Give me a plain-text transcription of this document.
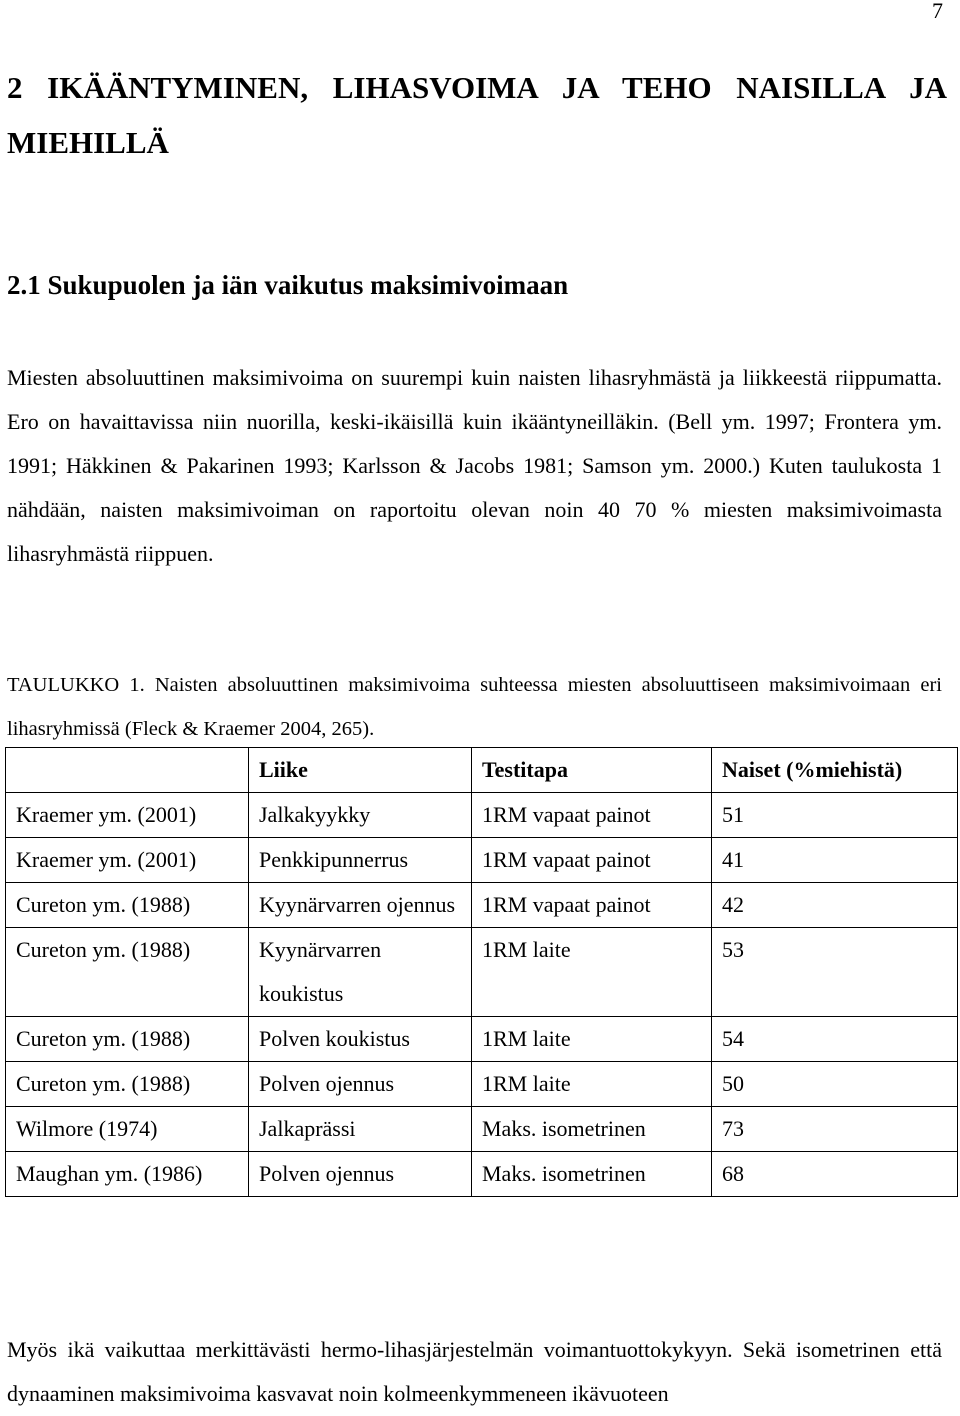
7
2 IKÄÄNTYMINEN, LIHASVOIMA JA TEHO NAISILLA JA MIEHILLÄ
2.1 Sukupuolen ja iän vaikutus maksimivoimaan

Miesten absoluuttinen maksimivoima on suurempi kuin naisten lihasryhmästä ja liikkeestä riippumatta. Ero on havaittavissa niin nuorilla, keski-ikäisillä kuin ikääntyneilläkin. (Bell ym. 1997; Frontera ym. 1991; Häkkinen & Pakarinen 1993; Karlsson & Jacobs 1981; Samson ym. 2000.) Kuten taulukosta 1 nähdään, naisten maksimivoiman on raportoitu olevan noin 40 70 % miesten maksimivoimasta lihasryhmästä riippuen.

TAULUKKO 1. Naisten absoluuttinen maksimivoima suhteessa miesten absoluuttiseen maksimivoimaan eri lihasryhmissä (Fleck & Kraemer 2004, 265).

	Liike	Testitapa	Naiset (%miehistä)
Kraemer ym. (2001)	Jalkakyykky	1RM vapaat painot	51
Kraemer ym. (2001)	Penkkipunnerrus	1RM vapaat painot	41
Cureton ym. (1988)	Kyynärvarren ojennus	1RM vapaat painot	42
Cureton ym. (1988)	Kyynärvarren koukistus	1RM laite	53
Cureton ym. (1988)	Polven koukistus	1RM laite	54
Cureton ym. (1988)	Polven ojennus	1RM laite	50
Wilmore (1974)	Jalkaprässi	Maks. isometrinen	73
Maughan ym. (1986)	Polven ojennus	Maks. isometrinen	68

Myös ikä vaikuttaa merkittävästi hermo-lihasjärjestelmän voimantuottokykyyn. Sekä isometrinen että dynaaminen maksimivoima kasvavat noin kolmeenkymmeneen ikävuoteen
